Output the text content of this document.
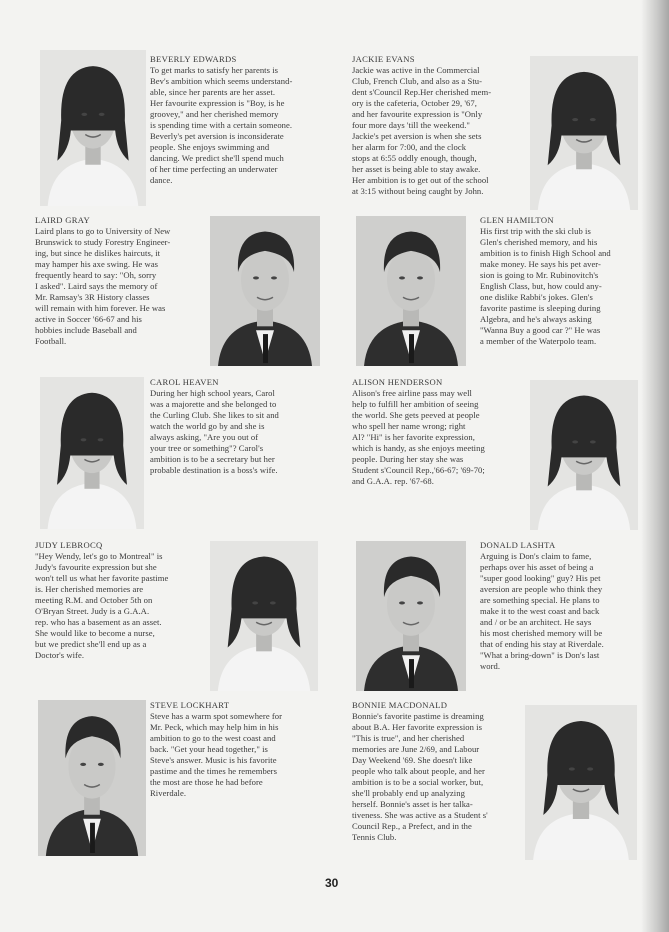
BEVERLY EDWARDS
To get marks to satisfy her parents is
Bev's ambition which seems understand-
able, since her parents are her asset.
Her favourite expression is "Boy, is he
groovey," and her cherished memory
is spending time with a certain someone.
Beverly's pet aversion is inconsiderate
people. She enjoys swimming and
dancing. We predict she'll spend much
of her time perfecting an underwater
dance.
JACKIE EVANS
Jackie was active in the Commercial
Club, French Club, and also as a Stu-
dent s'Council Rep.Her cherished mem-
ory is the cafeteria, October 29, '67,
and her favourite expression is "Only
four more days 'till the weekend."
Jackie's pet aversion is when she sets
her alarm for 7:00, and the clock
stops at 6:55 oddly enough, though,
her asset is being able to stay awake.
Her ambition is to get out of the school
at 3:15 without being caught by John.
LAIRD GRAY
Laird plans to go to University of New
Brunswick to study Forestry Engineer-
ing, but since he dislikes haircuts, it
may hamper his axe swing. He was
frequently heard to say: "Oh, sorry
I asked". Laird says the memory of
Mr. Ramsay's 3R History classes
will remain with him forever. He was
active in Soccer '66-67 and his
hobbies include Baseball and
Football.
GLEN HAMILTON
His first trip with the ski club is
Glen's cherished memory, and his
ambition is to finish High School and
make money. He says his pet aver-
sion is going to Mr. Rubinovitch's
English Class, but, how could any-
one dislike Rabbi's jokes. Glen's
favorite pastime is sleeping during
Algebra, and he's always asking
"Wanna Buy a good car ?" He was
a member of the Waterpolo team.
CAROL HEAVEN
During her high school years, Carol
was a majorette and she belonged to
the Curling Club. She likes to sit and
watch the world go by and she is
always asking, "Are you out of
your tree or something"? Carol's
ambition is to be a secretary but her
probable destination is a boss's wife.
ALISON HENDERSON
Alison's free airline pass may well
help to fulfill her ambition of seeing
the world. She gets peeved at people
who spell her name wrong; right
Al? "Hi" is her favorite expression,
which is handy, as she enjoys meeting
people. During her stay she was
Student s'Council Rep.,'66-67; '69-70;
and G.A.A. rep. '67-68.
JUDY LEBROCQ
"Hey Wendy, let's go to Montreal" is
Judy's favourite expression but she
won't tell us what her favorite pastime
is. Her cherished memories are
meeting R.M. and October 5th on
O'Bryan Street. Judy is a G.A.A.
rep. who has a basement as an asset.
She would like to become a nurse,
but we predict she'll end up as a
Doctor's wife.
DONALD LASHTA
Arguing is Don's claim to fame,
perhaps over his asset of being a
"super good looking" guy? His pet
aversion are people who think they
are something special. He plans to
make it to the west coast and back
and / or be an architect. He says
his most cherished memory will be
that of ending his stay at Riverdale.
"What a bring-down" is Don's last
word.
STEVE LOCKHART
Steve has a warm spot somewhere for
Mr. Peck, which may help him in his
ambition to go to the west coast and
back. "Get your head together," is
Steve's answer. Music is his favorite
pastime and the times he remembers
the most are those he had before
Riverdale.
BONNIE MACDONALD
Bonnie's favorite pastime is dreaming
about B.A. Her favorite expression is
"This is true", and her cherished
memories are June 2/69, and Labour
Day Weekend '69. She doesn't like
people who talk about people, and her
ambition is to be a social worker, but,
she'll probably end up analyzing
herself. Bonnie's asset is her talka-
tiveness. She was active as a Student s'
Council Rep., a Prefect, and in the
Tennis Club.
30
